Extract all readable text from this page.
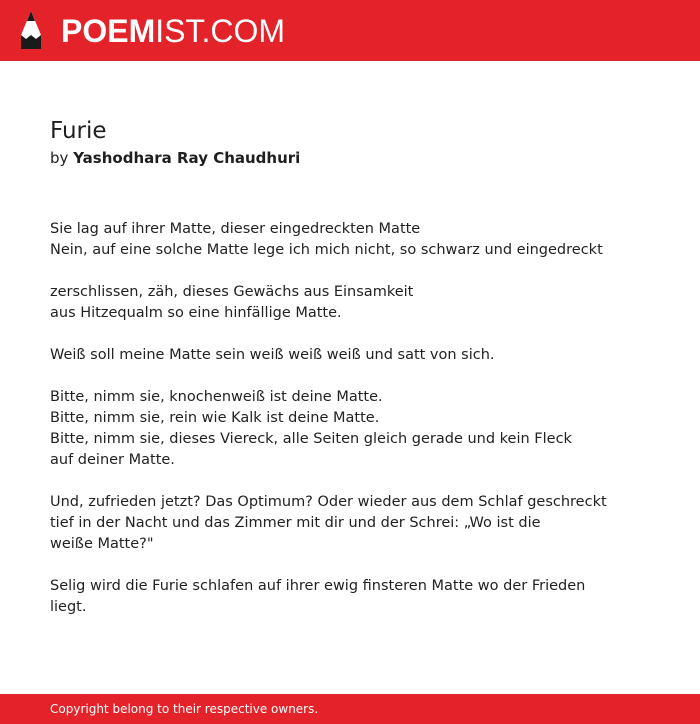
POEMIST.COM
Furie
by Yashodhara Ray Chaudhuri
Sie lag auf ihrer Matte, dieser eingedreckten Matte
Nein, auf eine solche Matte lege ich mich nicht, so schwarz und eingedreckt
zerschlissen, zäh, dieses Gewächs aus Einsamkeit
aus Hitzequalm so eine hinfällige Matte.
Weiß soll meine Matte sein weiß weiß weiß und satt von sich.
Bitte, nimm sie, knochenweiß ist deine Matte.
Bitte, nimm sie, rein wie Kalk ist deine Matte.
Bitte, nimm sie, dieses Viereck, alle Seiten gleich gerade und kein Fleck
auf deiner Matte.
Und, zufrieden jetzt? Das Optimum? Oder wieder aus dem Schlaf geschreckt
tief in der Nacht und das Zimmer mit dir und der Schrei: „Wo ist die
weiße Matte?"
Selig wird die Furie schlafen auf ihrer ewig finsteren Matte wo der Frieden
liegt.
Copyright belong to their respective owners.
